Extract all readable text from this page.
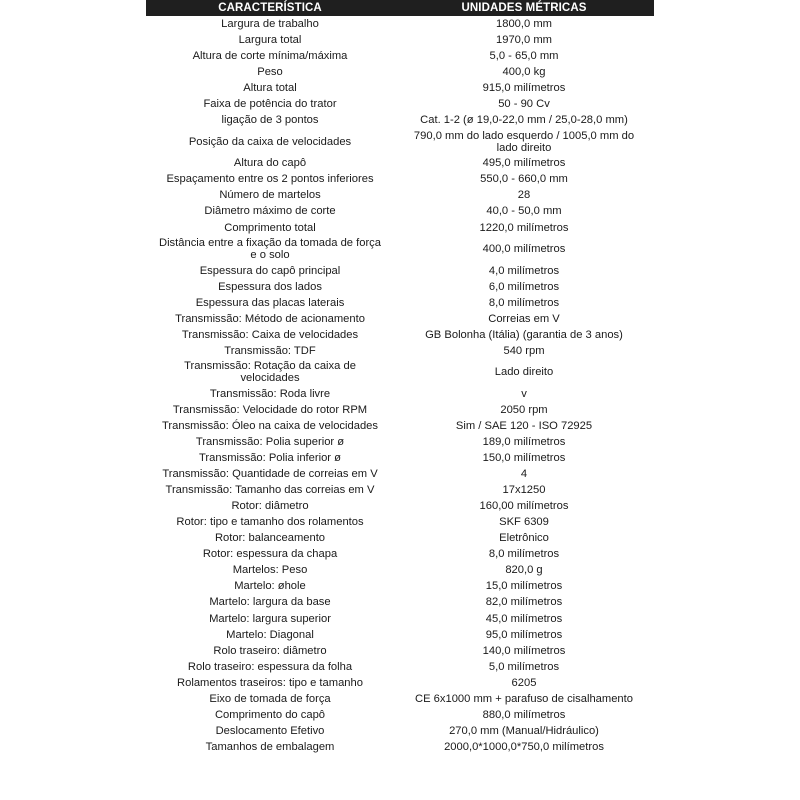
CARACTERÍSTICA	UNIDADES MÉTRICAS
Largura de trabalho	1800,0 mm
Largura total	1970,0 mm
Altura de corte mínima/máxima	5,0 - 65,0 mm
Peso	400,0 kg
Altura total	915,0 milímetros
Faixa de potência do trator	50 - 90 Cv
ligação de 3 pontos	Cat. 1-2 (ø 19,0-22,0 mm / 25,0-28,0 mm)
Posição da caixa de velocidades	790,0 mm do lado esquerdo / 1005,0 mm do lado direito
Altura do capô	495,0 milímetros
Espaçamento entre os 2 pontos inferiores	550,0 - 660,0 mm
Número de martelos	28
Diâmetro máximo de corte	40,0 - 50,0 mm
Comprimento total	1220,0 milímetros
Distância entre a fixação da tomada de força e o solo	400,0 milímetros
Espessura do capô principal	4,0 milímetros
Espessura dos lados	6,0 milímetros
Espessura das placas laterais	8,0 milímetros
Transmissão: Método de acionamento	Correias em V
Transmissão: Caixa de velocidades	GB Bolonha (Itália) (garantia de 3 anos)
Transmissão: TDF	540 rpm
Transmissão: Rotação da caixa de velocidades	Lado direito
Transmissão: Roda livre	v
Transmissão: Velocidade do rotor RPM	2050 rpm
Transmissão: Óleo na caixa de velocidades	Sim / SAE 120 - ISO 72925
Transmissão: Polia superior ø	189,0 milímetros
Transmissão: Polia inferior ø	150,0 milímetros
Transmissão: Quantidade de correias em V	4
Transmissão: Tamanho das correias em V	17x1250
Rotor: diâmetro	160,00 milímetros
Rotor: tipo e tamanho dos rolamentos	SKF 6309
Rotor: balanceamento	Eletrônico
Rotor: espessura da chapa	8,0 milímetros
Martelos: Peso	820,0 g
Martelo: øhole	15,0 milímetros
Martelo: largura da base	82,0 milímetros
Martelo: largura superior	45,0 milímetros
Martelo: Diagonal	95,0 milímetros
Rolo traseiro: diâmetro	140,0 milímetros
Rolo traseiro: espessura da folha	5,0 milímetros
Rolamentos traseiros: tipo e tamanho	6205
Eixo de tomada de força	CE 6x1000 mm + parafuso de cisalhamento
Comprimento do capô	880,0 milímetros
Deslocamento Efetivo	270,0 mm (Manual/Hidráulico)
Tamanhos de embalagem	2000,0*1000,0*750,0 milímetros
